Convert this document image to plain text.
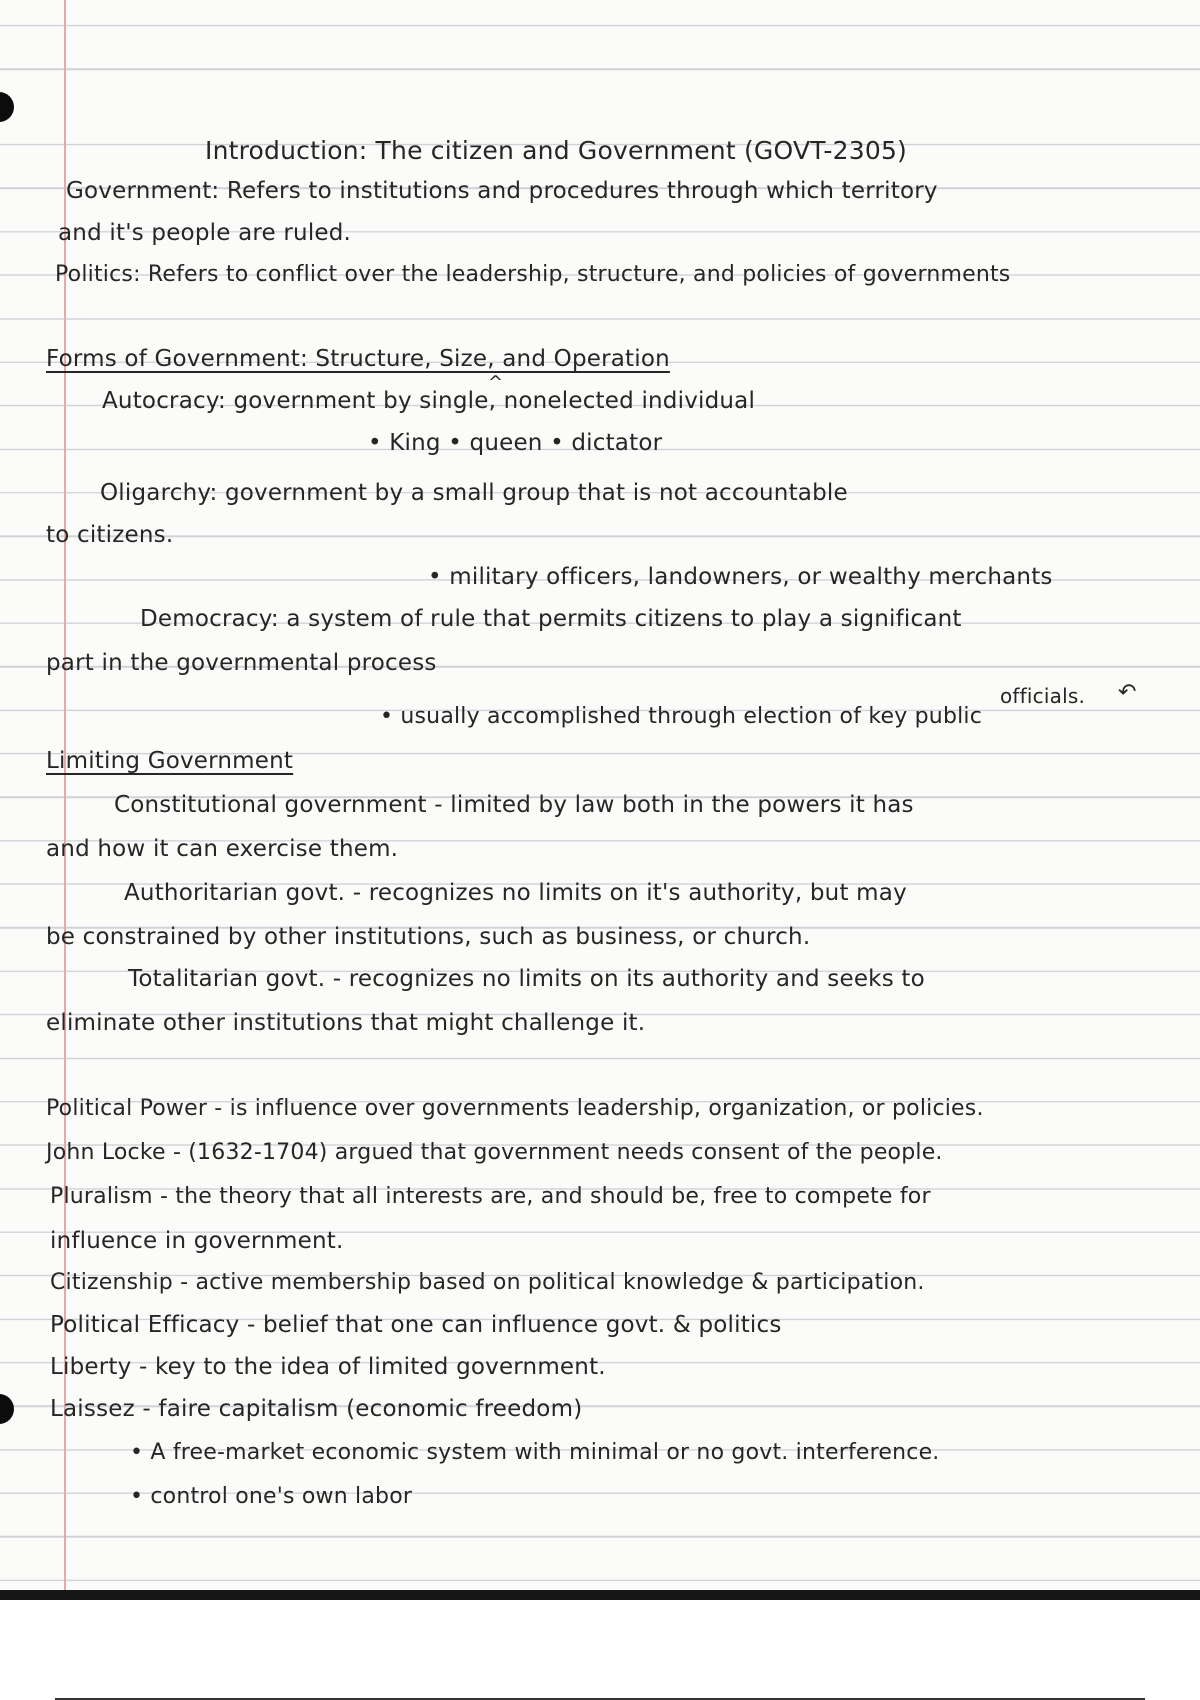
Introduction: The citizen and Government (GOVT-2305)
Government: Refers to institutions and procedures through which territory
and it's people are ruled.
Politics: Refers to conflict over the leadership, structure, and policies of governments
Forms of Government: Structure, Size, and Operation
^
Autocracy: government by single, nonelected individual
• King • queen • dictator
Oligarchy: government by a small group that is not accountable
to citizens.
• military officers, landowners, or wealthy merchants
Democracy: a system of rule that permits citizens to play a significant
part in the governmental process
officials. ↶
• usually accomplished through election of key public
Limiting Government
Constitutional government - limited by law both in the powers it has
and how it can exercise them.
Authoritarian govt. - recognizes no limits on it's authority, but may
be constrained by other institutions, such as business, or church.
Totalitarian govt. - recognizes no limits on its authority and seeks to
eliminate other institutions that might challenge it.
Political Power - is influence over governments leadership, organization, or policies.
John Locke - (1632-1704) argued that government needs consent of the people.
Pluralism - the theory that all interests are, and should be, free to compete for
influence in government.
Citizenship - active membership based on political knowledge & participation.
Political Efficacy - belief that one can influence govt. & politics
Liberty - key to the idea of limited government.
Laissez - faire capitalism (economic freedom)
• A free-market economic system with minimal or no govt. interference.
• control one's own labor
